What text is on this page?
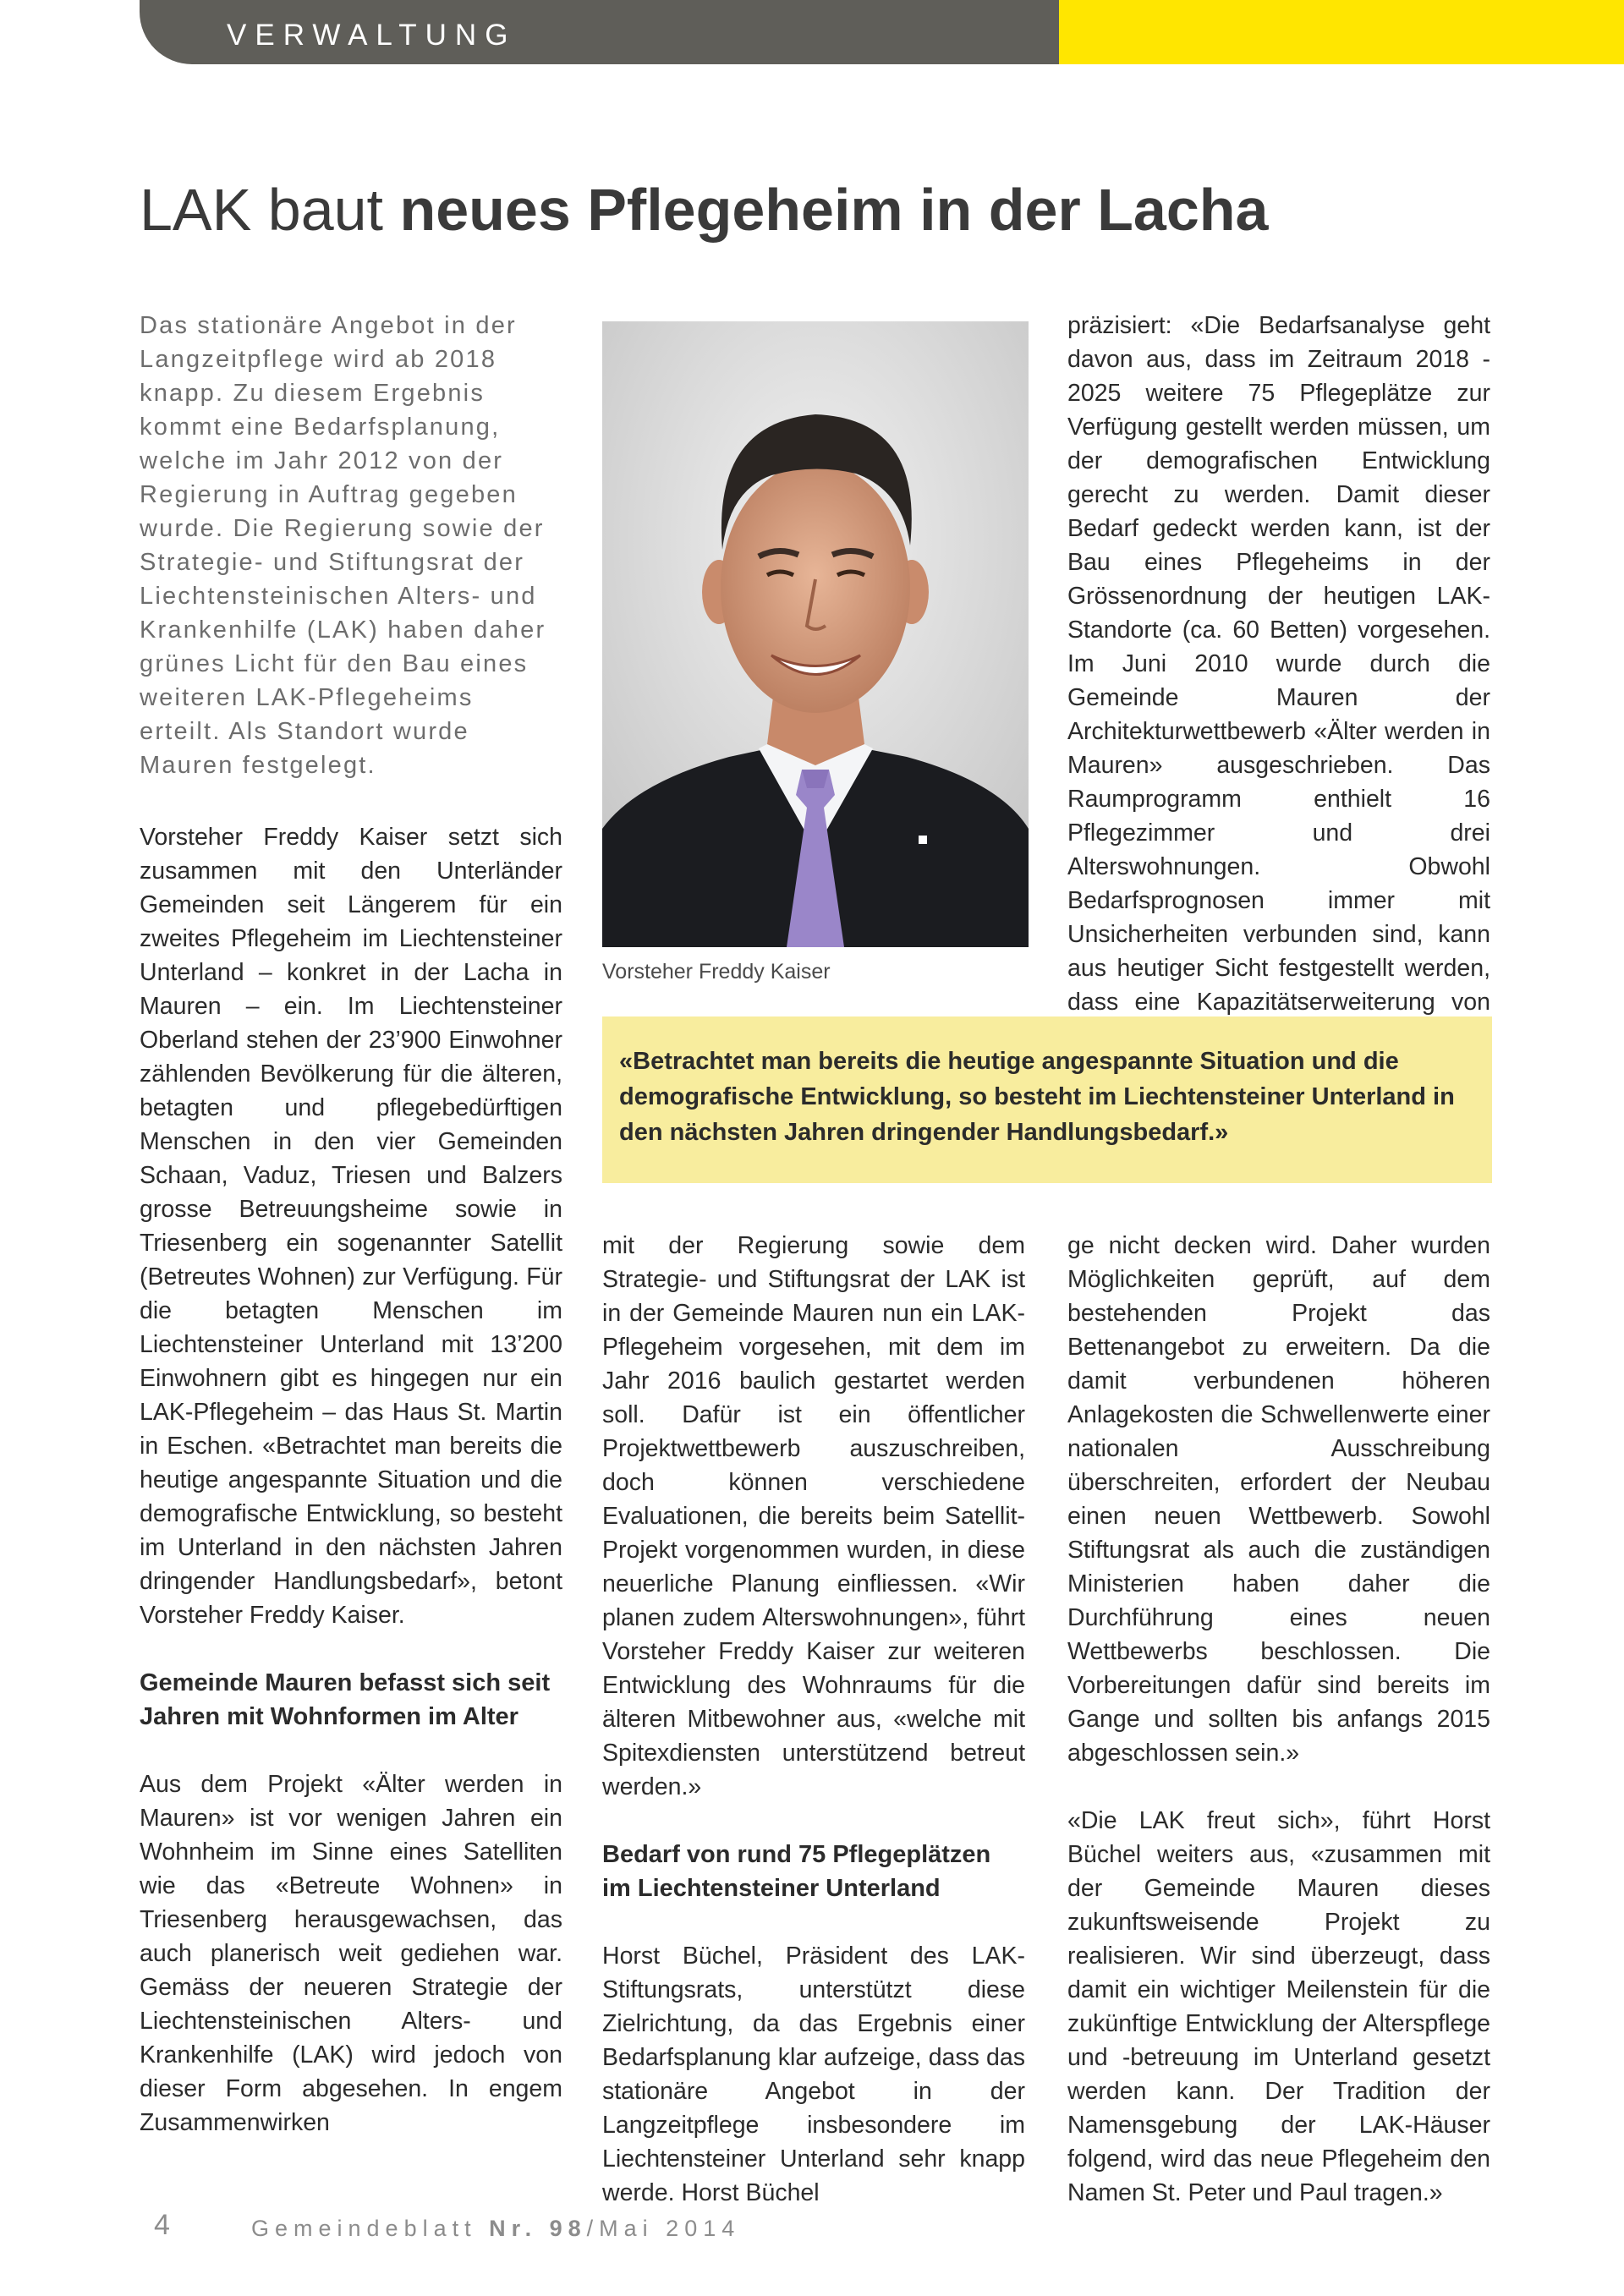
VERWALTUNG
LAK baut neues Pflegeheim in der Lacha

Das stationäre Angebot in der Langzeitpflege wird ab 2018 knapp. Zu diesem Ergebnis kommt eine Bedarfsplanung, welche im Jahr 2012 von der Regierung in Auftrag gegeben wurde. Die Regierung sowie der Strategie- und Stiftungsrat der Liechtensteinischen Alters- und Krankenhilfe (LAK) haben daher grünes Licht für den Bau eines weiteren LAK-Pflegeheims erteilt. Als Standort wurde Mauren festgelegt.

Vorsteher Freddy Kaiser setzt sich zusammen mit den Unterländer Gemeinden seit Längerem für ein zweites Pflegeheim im Liechtensteiner Unterland – konkret in der Lacha in Mauren – ein. Im Liechtensteiner Oberland stehen der 23’900 Einwohner zählenden Bevölkerung für die älteren, betagten und pflegebedürftigen Menschen in den vier Gemeinden Schaan, Vaduz, Triesen und Balzers grosse Betreuungsheime sowie in Triesenberg ein sogenannter Satellit (Betreutes Wohnen) zur Verfügung. Für die betagten Menschen im Liechtensteiner Unterland mit 13’200 Einwohnern gibt es hingegen nur ein LAK-Pflegeheim – das Haus St. Martin in Eschen. «Betrachtet man bereits die heutige angespannte Situation und die demografische Entwicklung, so besteht im Unterland in den nächsten Jahren dringender Handlungsbedarf», betont Vorsteher Freddy Kaiser.

Gemeinde Mauren befasst sich seit Jahren mit Wohnformen im Alter

Aus dem Projekt «Älter werden in Mauren» ist vor wenigen Jahren ein Wohnheim im Sinne eines Satelliten wie das «Betreute Wohnen» in Triesenberg herausgewachsen, das auch planerisch weit gediehen war. Gemäss der neueren Strategie der Liechtensteinischen Alters- und Krankenhilfe (LAK) wird jedoch von dieser Form abgesehen. In engem Zusammenwirken

Vorsteher Freddy Kaiser

präzisiert: «Die Bedarfsanalyse geht davon aus, dass im Zeitraum 2018 - 2025 weitere 75 Pflegeplätze zur Verfügung gestellt werden müssen, um der demografischen Entwicklung gerecht zu werden. Damit dieser Bedarf gedeckt werden kann, ist der Bau eines Pflegeheims in der Grössenordnung der heutigen LAK-Standorte (ca. 60 Betten) vorgesehen. Im Juni 2010 wurde durch die Gemeinde Mauren der Architekturwettbewerb «Älter werden in Mauren» ausgeschrieben. Das Raumprogramm enthielt 16 Pflegezimmer und drei Alterswohnungen. Obwohl Bedarfsprognosen immer mit Unsicherheiten verbunden sind, kann aus heutiger Sicht festgestellt werden, dass eine Kapazitätserweiterung von

«Betrachtet man bereits die heutige angespannte Situation und die demografische Entwicklung, so besteht im Liechtensteiner Unterland in den nächsten Jahren dringender Handlungsbedarf.»

mit der Regierung sowie dem Strategie- und Stiftungsrat der LAK ist in der Gemeinde Mauren nun ein LAK-Pflegeheim vorgesehen, mit dem im Jahr 2016 baulich gestartet werden soll. Dafür ist ein öffentlicher Projektwettbewerb auszuschreiben, doch können verschiedene Evaluationen, die bereits beim Satellit-Projekt vorgenommen wurden, in diese neuerliche Planung einfliessen. «Wir planen zudem Alterswohnungen», führt Vorsteher Freddy Kaiser zur weiteren Entwicklung des Wohnraums für die älteren Mitbewohner aus, «welche mit Spitexdiensten unterstützend betreut werden.»

Bedarf von rund 75 Pflegeplätzen im Liechtensteiner Unterland

Horst Büchel, Präsident des LAK-Stiftungsrats, unterstützt diese Zielrichtung, da das Ergebnis einer Bedarfsplanung klar aufzeige, dass das stationäre Angebot in der Langzeitpflege insbesondere im Liechtensteiner Unterland sehr knapp werde. Horst Büchel

ge nicht decken wird. Daher wurden Möglichkeiten geprüft, auf dem bestehenden Projekt das Bettenangebot zu erweitern. Da die damit verbundenen höheren Anlagekosten die Schwellenwerte einer nationalen Ausschreibung überschreiten, erfordert der Neubau einen neuen Wettbewerb. Sowohl Stiftungsrat als auch die zuständigen Ministerien haben daher die Durchführung eines neuen Wettbewerbs beschlossen. Die Vorbereitungen dafür sind bereits im Gange und sollten bis anfangs 2015 abgeschlossen sein.»

«Die LAK freut sich», führt Horst Büchel weiters aus, «zusammen mit der Gemeinde Mauren dieses zukunftsweisende Projekt zu realisieren. Wir sind überzeugt, dass damit ein wichtiger Meilenstein für die zukünftige Entwicklung der Alterspflege und -betreuung im Unterland gesetzt werden kann. Der Tradition der Namensgebung der LAK-Häuser folgend, wird das neue Pflegeheim den Namen St. Peter und Paul tragen.»

4	Gemeindeblatt Nr. 98/Mai 2014
